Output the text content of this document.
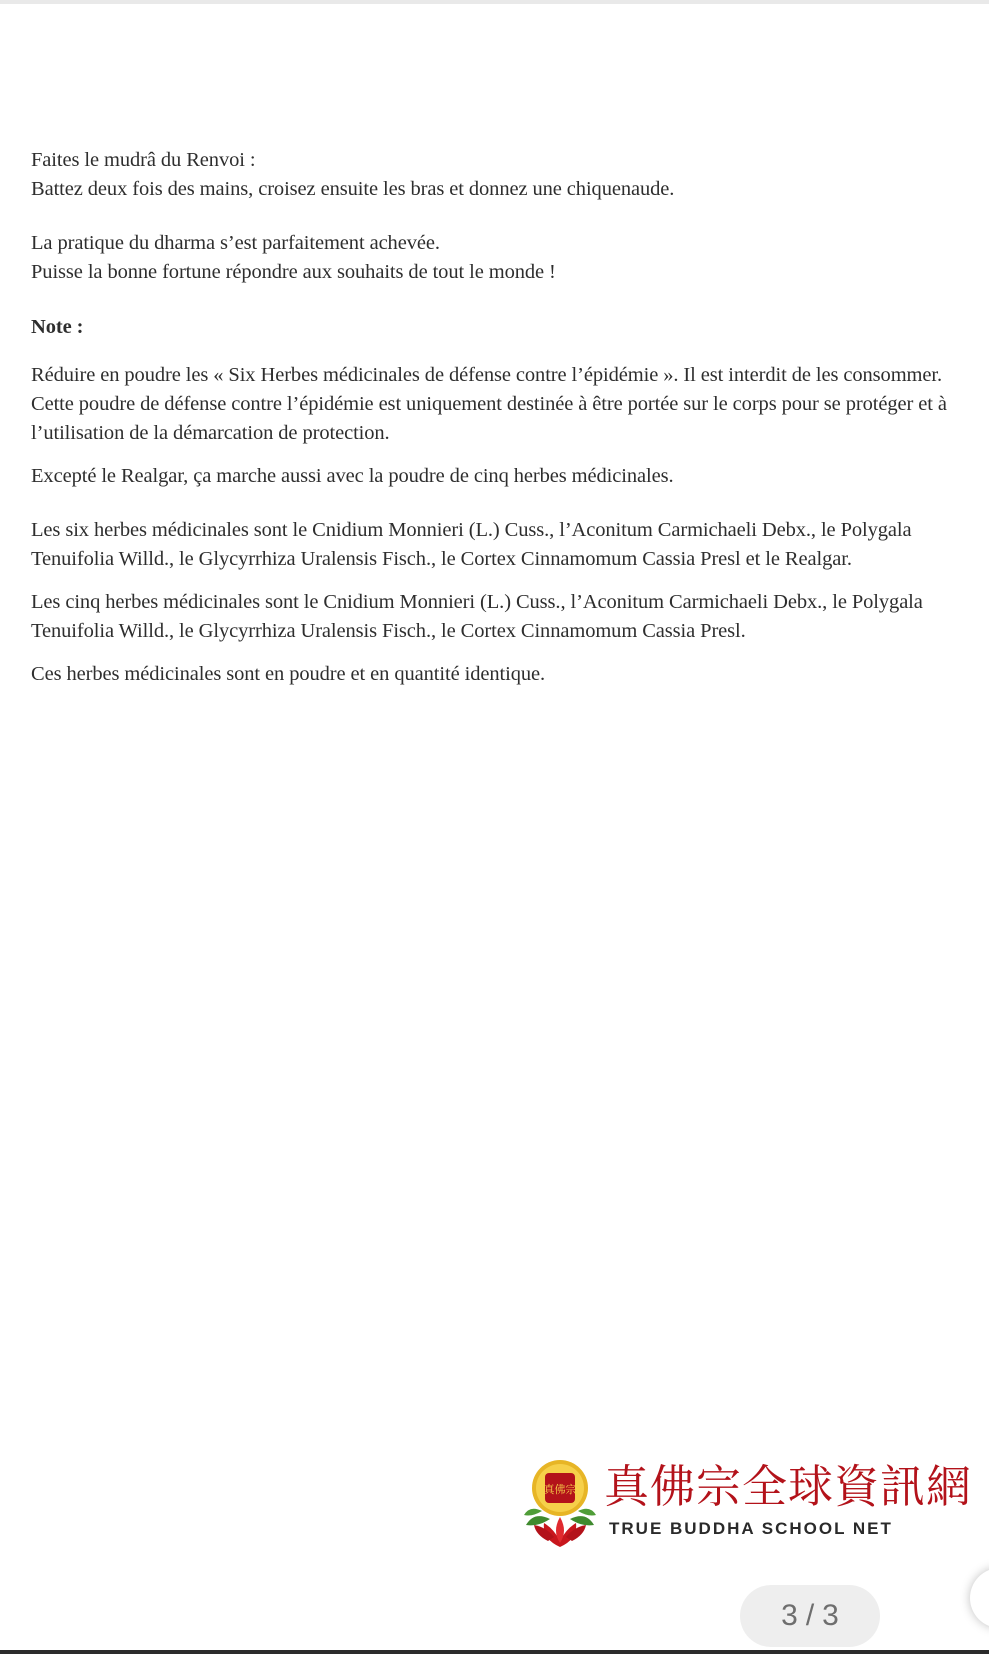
Faites le mudrâ du Renvoi :

Battez deux fois des mains, croisez ensuite les bras et donnez une chiquenaude.

La pratique du dharma s’est parfaitement achevée.

Puisse la bonne fortune répondre aux souhaits de tout le monde !

Note :

Réduire en poudre les « Six Herbes médicinales de défense contre l’épidémie ». Il est interdit de les consommer. Cette poudre de défense contre l’épidémie est uniquement destinée à être portée sur le corps pour se protéger et à l’utilisation de la démarcation de protection.

Excepté le Realgar, ça marche aussi avec la poudre de cinq herbes médicinales.

Les six herbes médicinales sont le Cnidium Monnieri (L.) Cuss., l’Aconitum Carmichaeli Debx., le Polygala Tenuifolia Willd., le Glycyrrhiza Uralensis Fisch., le Cortex Cinnamomum Cassia Presl et le Realgar.

Les cinq herbes médicinales sont le Cnidium Monnieri (L.) Cuss., l’Aconitum Carmichaeli Debx., le Polygala Tenuifolia Willd., le Glycyrrhiza Uralensis Fisch., le Cortex Cinnamomum Cassia Presl.

Ces herbes médicinales sont en poudre et en quantité identique.

真佛宗 真佛宗全球資訊網
TRUE BUDDHA SCHOOL NET
3 / 3
